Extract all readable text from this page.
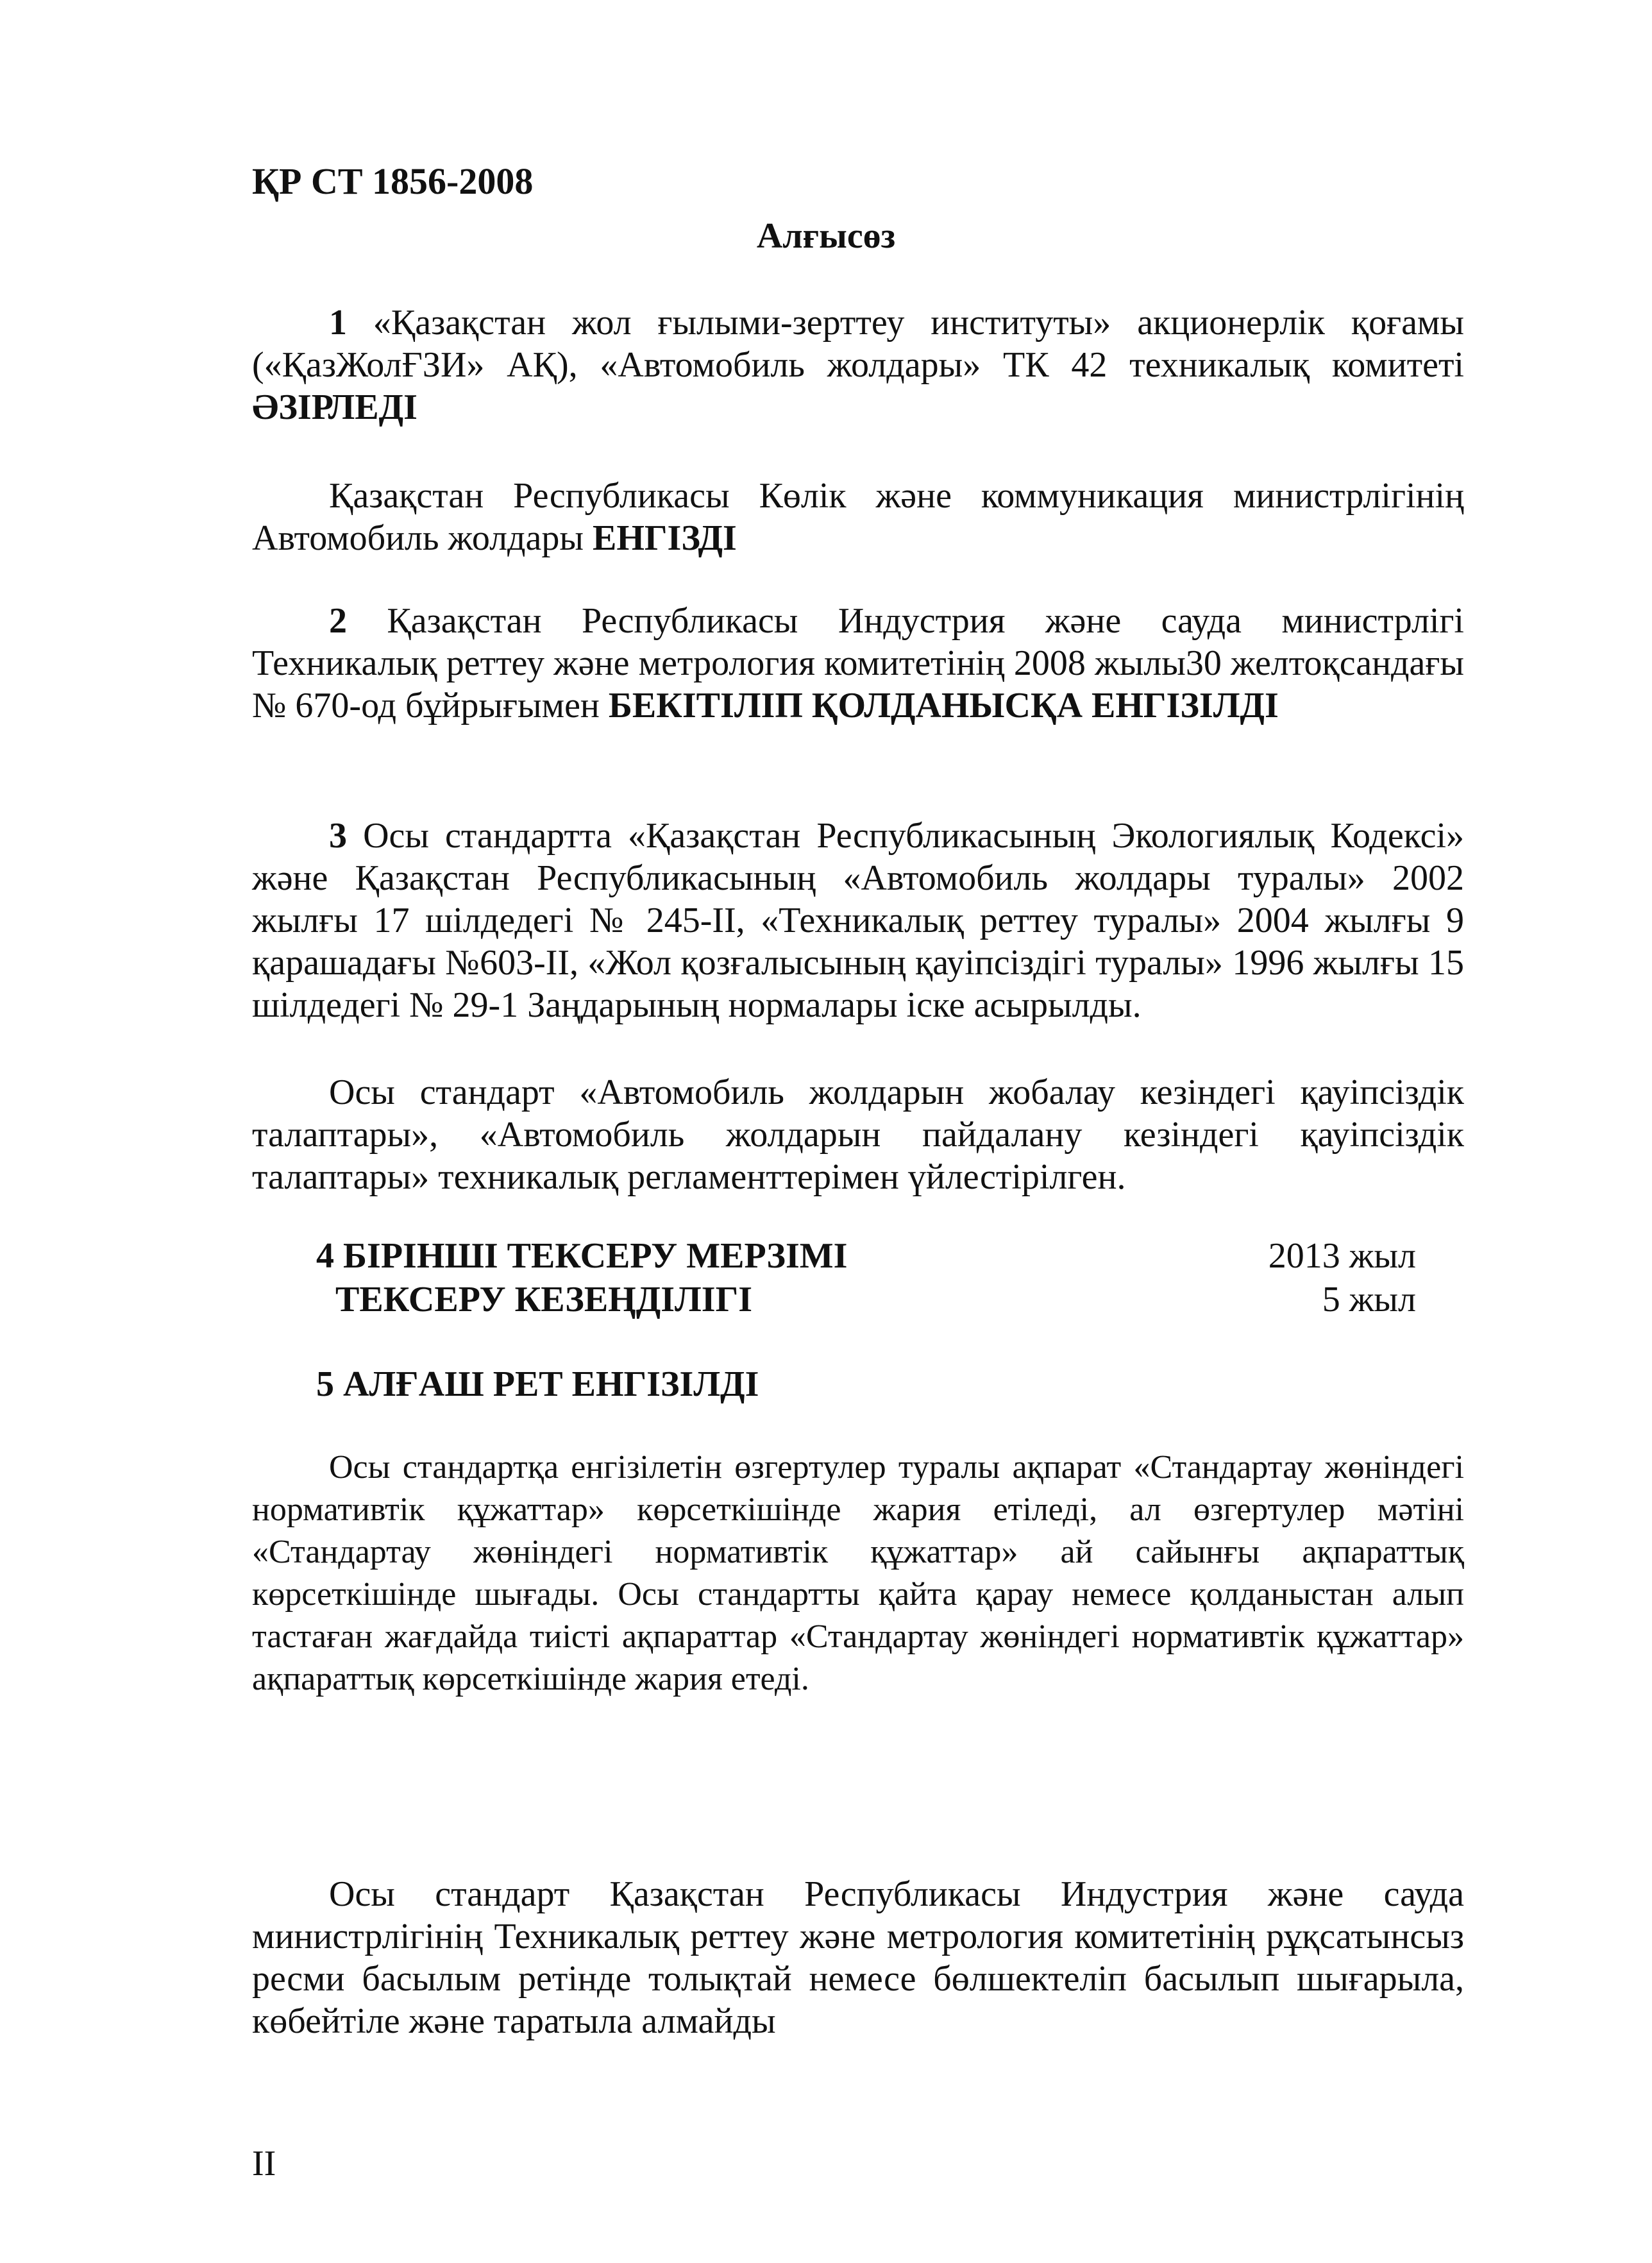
ҚР СТ 1856-2008
Алғысөз

1 «Қазақстан жол ғылыми-зерттеу институты» акционерлік қоғамы («ҚазЖолҒЗИ» АҚ), «Автомобиль жолдары» ТК 42 техникалық комитеті ӘЗІРЛЕДІ

Қазақстан Республикасы Көлік және коммуникация министрлігінің Автомобиль жолдары ЕНГІЗДІ

2 Қазақстан Республикасы Индустрия және сауда министрлігі Техникалық реттеу және метрология комитетінің 2008 жылы30 желтоқсандағы № 670-од бұйрығымен БЕКІТІЛІП ҚОЛДАНЫСҚА ЕНГІЗІЛДІ

3 Осы стандартта «Қазақстан Республикасының Экологиялық Кодексі» және Қазақстан Республикасының «Автомобиль жолдары туралы» 2002 жылғы 17 шілдедегі № 245-ІІ, «Техникалық реттеу туралы» 2004 жылғы 9 қарашадағы №603-ІІ, «Жол қозғалысының қауіпсіздігі туралы» 1996 жылғы 15 шілдедегі № 29-1 Заңдарының нормалары іске асырылды.

Осы стандарт «Автомобиль жолдарын жобалау кезіндегі қауіпсіздік талаптары», «Автомобиль жолдарын пайдалану кезіндегі қауіпсіздік талаптары» техникалық регламенттерімен үйлестірілген.

4 БІРІНШІ ТЕКСЕРУ МЕРЗІМІ	2013 жыл
ТЕКСЕРУ КЕЗЕҢДІЛІГІ	5 жыл
5 АЛҒАШ РЕТ ЕНГІЗІЛДІ

Осы стандартқа енгізілетін өзгертулер туралы ақпарат «Стандартау жөніндегі нормативтік құжаттар» көрсеткішінде жария етіледі, ал өзгертулер мәтіні «Стандартау жөніндегі нормативтік құжаттар» ай сайынғы ақпараттық көрсеткішінде шығады. Осы стандартты қайта қарау немесе қолданыстан алып тастаған жағдайда тиісті ақпараттар «Стандартау жөніндегі нормативтік құжаттар» ақпараттық көрсеткішінде жария етеді.

Осы стандарт Қазақстан Республикасы Индустрия және сауда министрлігінің Техникалық реттеу және метрология комитетінің рұқсатынсыз ресми басылым ретінде толықтай немесе бөлшектеліп басылып шығарыла, көбейтіле және таратыла алмайды

II
